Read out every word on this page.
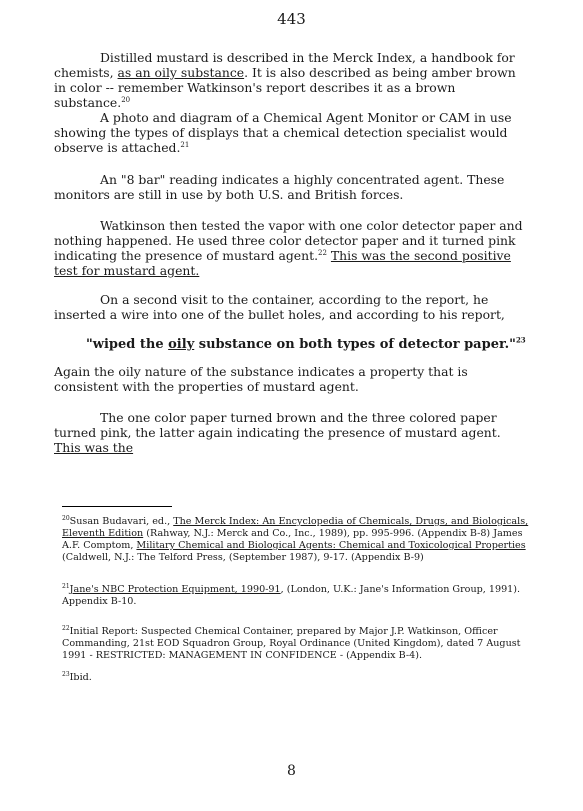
443

Distilled mustard is described in the Merck Index, a handbook for chemists, as an oily substance. It is also described as being amber brown in color -- remember Watkinson's report describes it as a brown substance.$^{20}$

A photo and diagram of a Chemical Agent Monitor or CAM in use showing the types of displays that a chemical detection specialist would observe is attached.$^{21}$

An "8 bar" reading indicates a highly concentrated agent. These monitors are still in use by both U.S. and British forces.

Watkinson then tested the vapor with one color detector paper and nothing happened. He used three color detector paper and it turned pink indicating the presence of mustard agent.$^{22}$ This was the second positive test for mustard agent.

On a second visit to the container, according to the report, he inserted a wire into one of the bullet holes, and according to his report,

"wiped the oily substance on both types of detector paper."$^{23}$

Again the oily nature of the substance indicates a property that is consistent with the properties of mustard agent.

The one color paper turned brown and the three colored paper turned pink, the latter again indicating the presence of mustard agent. This was the

$^{20}$Susan Budavari, ed., The Merck Index: An Encyclopedia of Chemicals, Drugs, and Biologicals, Eleventh Edition (Rahway, N.J.: Merck and Co., Inc., 1989), pp. 995-996. (Appendix B-8) James A.F. Comptom, Military Chemical and Biological Agents: Chemical and Toxicological Properties (Caldwell, N.J.: The Telford Press, (September 1987), 9-17. (Appendix B-9)

$^{21}$Jane's NBC Protection Equipment, 1990-91, (London, U.K.: Jane's Information Group, 1991). Appendix B-10.

$^{22}$Initial Report: Suspected Chemical Container, prepared by Major J.P. Watkinson, Officer Commanding, 21st EOD Squadron Group, Royal Ordinance (United Kingdom), dated 7 August 1991 - RESTRICTED: MANAGEMENT IN CONFIDENCE - (Appendix B-4).

$^{23}$Ibid.

8
